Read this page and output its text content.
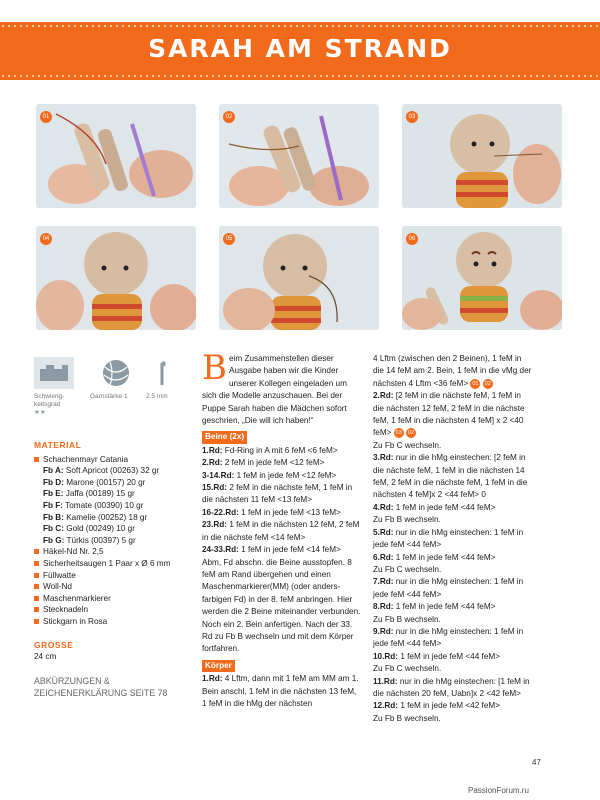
SARAH AM STRAND
01	02	03
04	05	06
Schwierig-keitsgrad
★★
Garnstärke 1	2.5 mm

MATERIAL

Schachenmayr Catania
Fb A: Soft Apricot (00263) 32 gr
Fb D: Marone (00157) 20 gr
Fb E: Jaffa (00189) 15 gr
Fb F: Tomate (00390) 10 gr
Fb B: Kamelie (00252) 18 gr
Fb C: Gold (00249) 10 gr
Fb G: Türkis (00397) 5 gr
Häkel-Nd Nr. 2,5
Sicherheitsaugen 1 Paar x Ø 6 mm
Füllwatte
Woll-Nd
Maschenmarkierer
Stecknadeln
Stickgarn in Rosa

GRÖSSE

24 cm
ABKÜRZUNGEN &
ZEICHENERKLÄRUNG SEITE 78

Beim Zusammenstellen dieser Ausgabe haben wir die Kinder unserer Kollegen eingeladen um sich die Modelle anzuschauen. Bei der Puppe Sarah haben die Mädchen sofort geschrien, „Die will ich haben!“

Beine (2x)

1.Rd: Fd-Ring in A mit 6 feM <6 feM>

2.Rd: 2 feM in jede feM <12 feM>

3-14.Rd: 1 feM in jede feM <12 feM>

15.Rd: 2 feM in die nächste feM, 1 feM in die nächsten 11 feM <13 feM>

16-22.Rd: 1 feM in jede feM <13 feM>

23.Rd: 1 feM in die nächsten 12 feM, 2 feM in die nächste feM <14 feM>

24-33.Rd: 1 feM in jede feM <14 feM>

Abm, Fd abschn. die Beine ausstopfen. 8 feM am Rand übergehen und einen Maschenmarkierer(MM) (oder anders-farbigen Fd) in der 8. feM anbringen. Hier werden die 2 Beine miteinander verbunden.

Noch ein 2. Bein anfertigen. Nach der 33. Rd zu Fb B wechseln und mit dem Körper fortfahren.

Körper

1.Rd: 4 Lftm, dann mit 1 feM am MM am 1. Bein anschl, 1 feM in die nächsten 13 feM, 1 feM in die hMg der nächsten

4 Lftm (zwischen den 2 Beinen), 1 feM in die 14 feM am 2. Bein, 1 feM in die vMg der nächsten 4 Lftm <36 feM> 01 02

2.Rd: [2 feM in die nächste feM, 1 feM in die nächsten 12 feM, 2 feM in die nächste feM, 1 feM in die nächsten 4 feM] x 2 <40 feM> 03 02

Zu Fb C wechseln.

3.Rd: nur in die hMg einstechen: [2 feM in die nächste feM, 1 feM in die nächsten 14 feM, 2 feM in die nächste feM, 1 feM in die nächsten 4 feM]x 2 <44 feM> 0

4.Rd: 1 feM in jede feM <44 feM>

Zu Fb B wechseln.

5.Rd: nur in die hMg einstechen: 1 feM in jede feM <44 feM>

6.Rd: 1 feM in jede feM <44 feM>

Zu Fb C wechseln.

7.Rd: nur in die hMg einstechen: 1 feM in jede feM <44 feM>

8.Rd: 1 feM in jede feM <44 feM>

Zu Fb B wechseln.

9.Rd: nur in die hMg einstechen: 1 feM in jede feM <44 feM>

10.Rd: 1 feM in jede feM <44 feM>

Zu Fb C wechseln.

11.Rd: nur in die hMg einstechen: [1 feM in die nächsten 20 feM, Uabn]x 2 <42 feM>

12.Rd: 1 feM in jede feM <42 feM>

Zu Fb B wechseln.

47
PassionForum.ru
